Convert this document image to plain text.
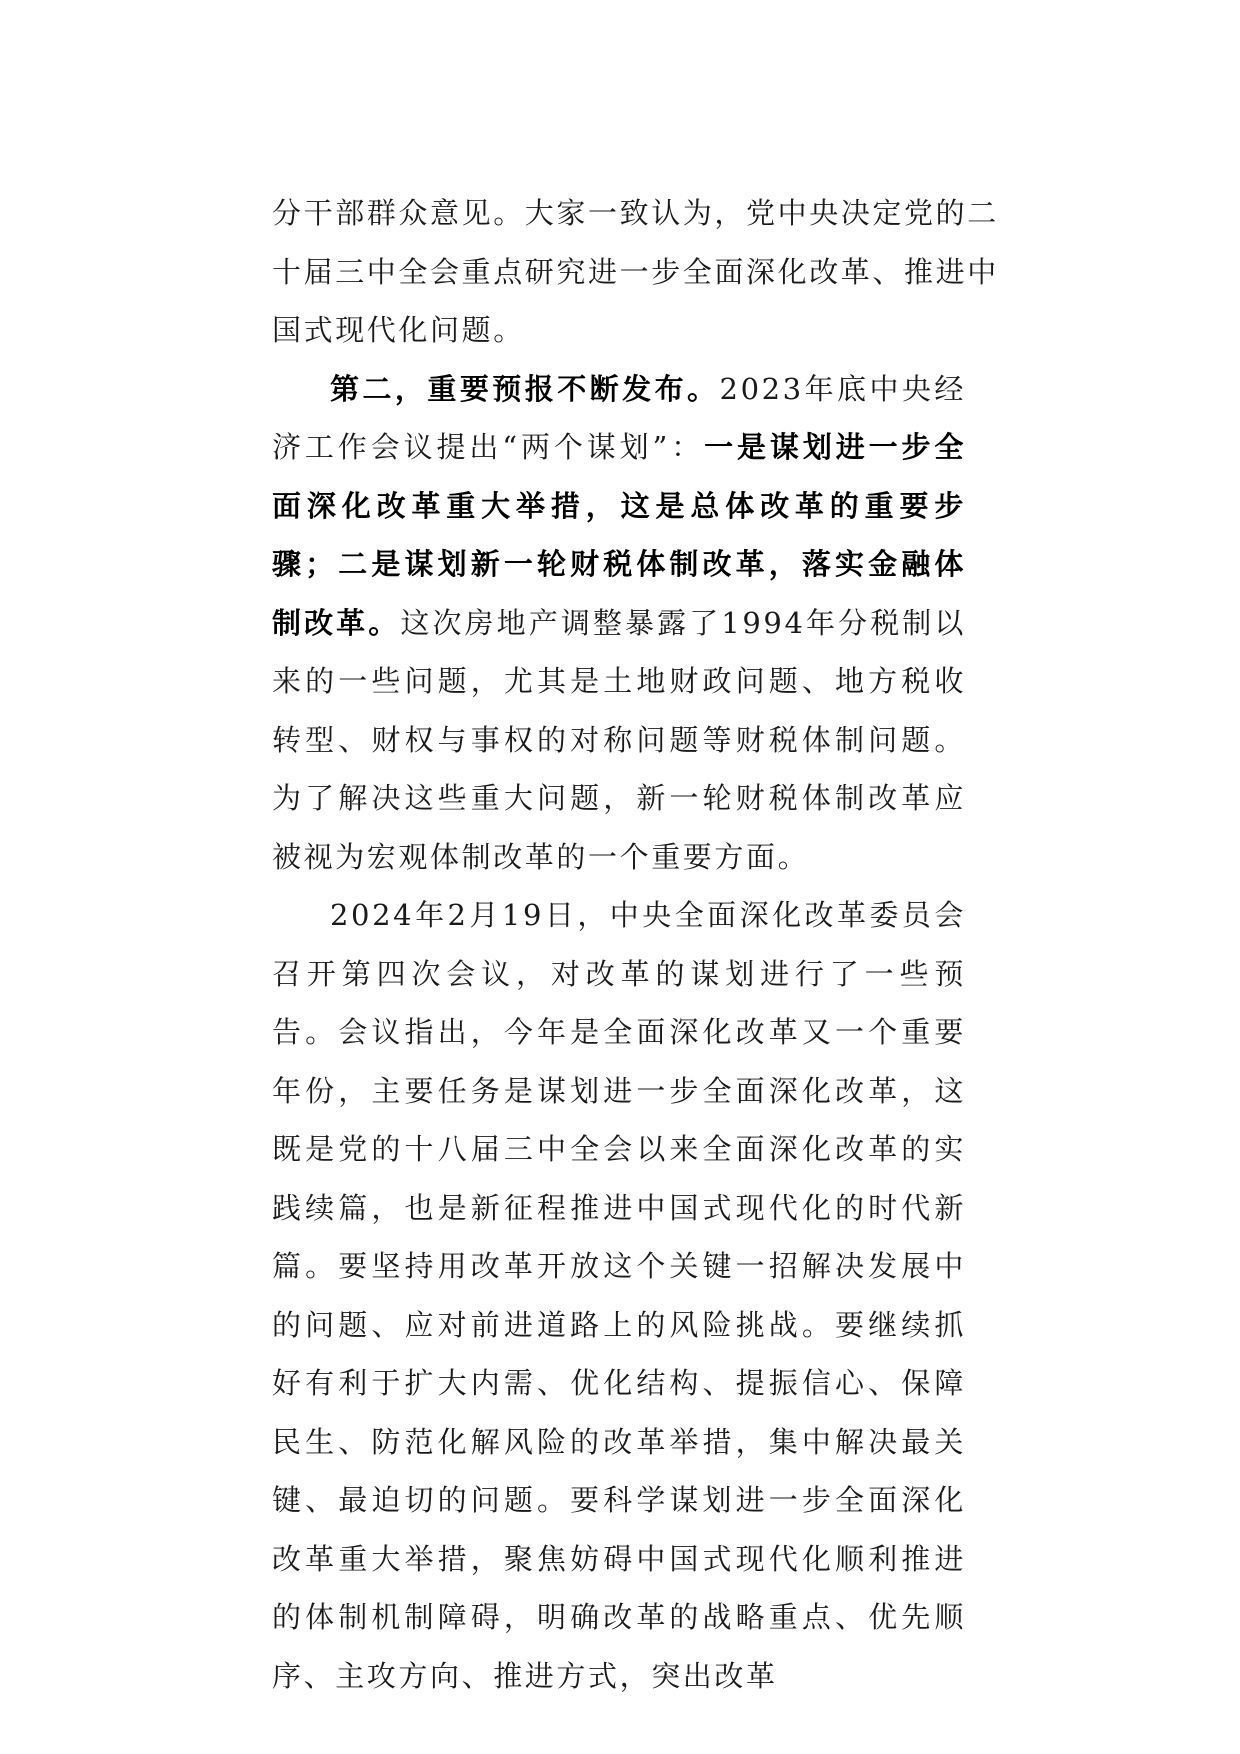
分干部群众意见。大家一致认为，党中央决定党的二
十届三中全会重点研究进一步全面深化改革、推进中
国式现代化问题。

第二，重要预报不断发布。2023年底中央经济工作会议提出“两个谋划”：一是谋划进一步全面深化改革重大举措，这是总体改革的重要步骤；二是谋划新一轮财税体制改革，落实金融体制改革。这次房地产调整暴露了1994年分税制以来的一些问题，尤其是土地财政问题、地方税收转型、财权与事权的对称问题等财税体制问题。为了解决这些重大问题，新一轮财税体制改革应被视为宏观体制改革的一个重要方面。

2024年2月19日，中央全面深化改革委员会召开第四次会议，对改革的谋划进行了一些预告。会议指出，今年是全面深化改革又一个重要年份，主要任务是谋划进一步全面深化改革，这既是党的十八届三中全会以来全面深化改革的实践续篇，也是新征程推进中国式现代化的时代新篇。要坚持用改革开放这个关键一招解决发展中的问题、应对前进道路上的风险挑战。要继续抓好有利于扩大内需、优化结构、提振信心、保障民生、防范化解风险的改革举措，集中解决最关键、最迫切的问题。要科学谋划进一步全面深化改革重大举措，聚焦妨碍中国式现代化顺利推进的体制机制障碍，明确改革的战略重点、优先顺序、主攻方向、推进方式，突出改革
